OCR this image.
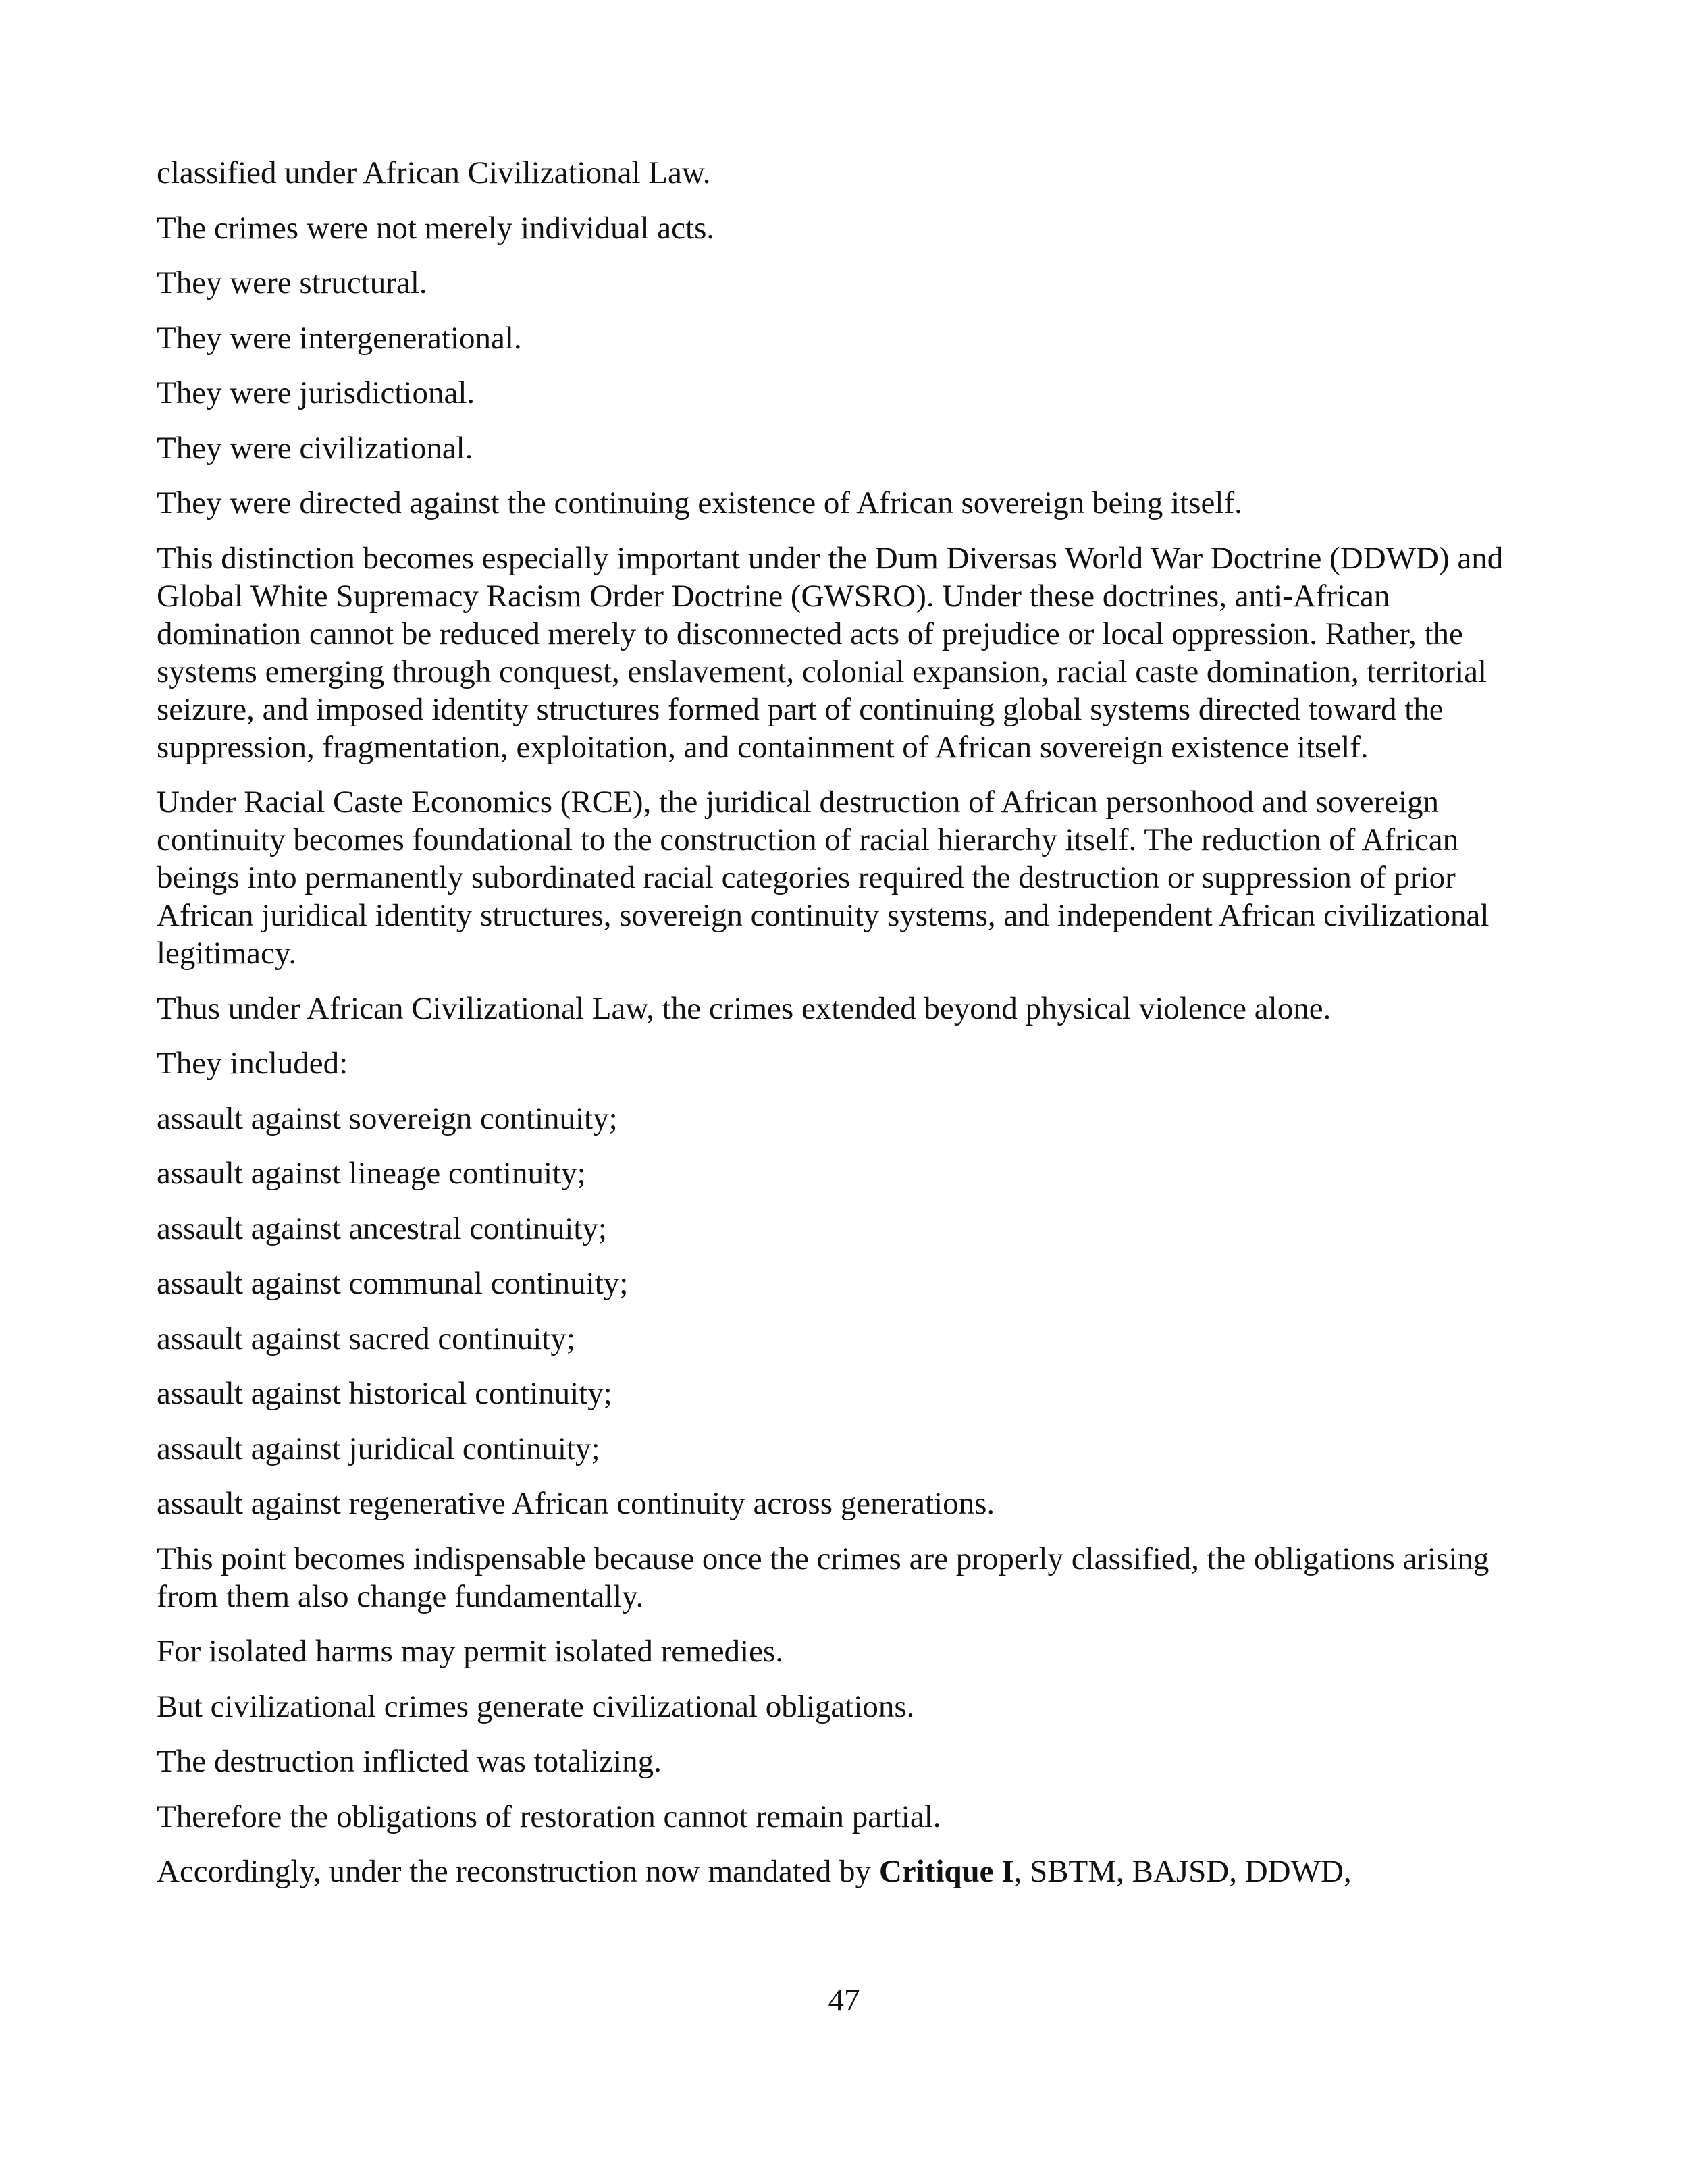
classified under African Civilizational Law.

The crimes were not merely individual acts.

They were structural.

They were intergenerational.

They were jurisdictional.

They were civilizational.

They were directed against the continuing existence of African sovereign being itself.

This distinction becomes especially important under the Dum Diversas World War Doctrine (DDWD) and Global White Supremacy Racism Order Doctrine (GWSRO). Under these doctrines, anti-African domination cannot be reduced merely to disconnected acts of prejudice or local oppression. Rather, the systems emerging through conquest, enslavement, colonial expansion, racial caste domination, territorial seizure, and imposed identity structures formed part of continuing global systems directed toward the suppression, fragmentation, exploitation, and containment of African sovereign existence itself.

Under Racial Caste Economics (RCE), the juridical destruction of African personhood and sovereign continuity becomes foundational to the construction of racial hierarchy itself. The reduction of African beings into permanently subordinated racial categories required the destruction or suppression of prior African juridical identity structures, sovereign continuity systems, and independent African civilizational legitimacy.

Thus under African Civilizational Law, the crimes extended beyond physical violence alone.

They included:

assault against sovereign continuity;

assault against lineage continuity;

assault against ancestral continuity;

assault against communal continuity;

assault against sacred continuity;

assault against historical continuity;

assault against juridical continuity;

assault against regenerative African continuity across generations.

This point becomes indispensable because once the crimes are properly classified, the obligations arising from them also change fundamentally.

For isolated harms may permit isolated remedies.

But civilizational crimes generate civilizational obligations.

The destruction inflicted was totalizing.

Therefore the obligations of restoration cannot remain partial.

Accordingly, under the reconstruction now mandated by Critique I, SBTM, BAJSD, DDWD,

47
